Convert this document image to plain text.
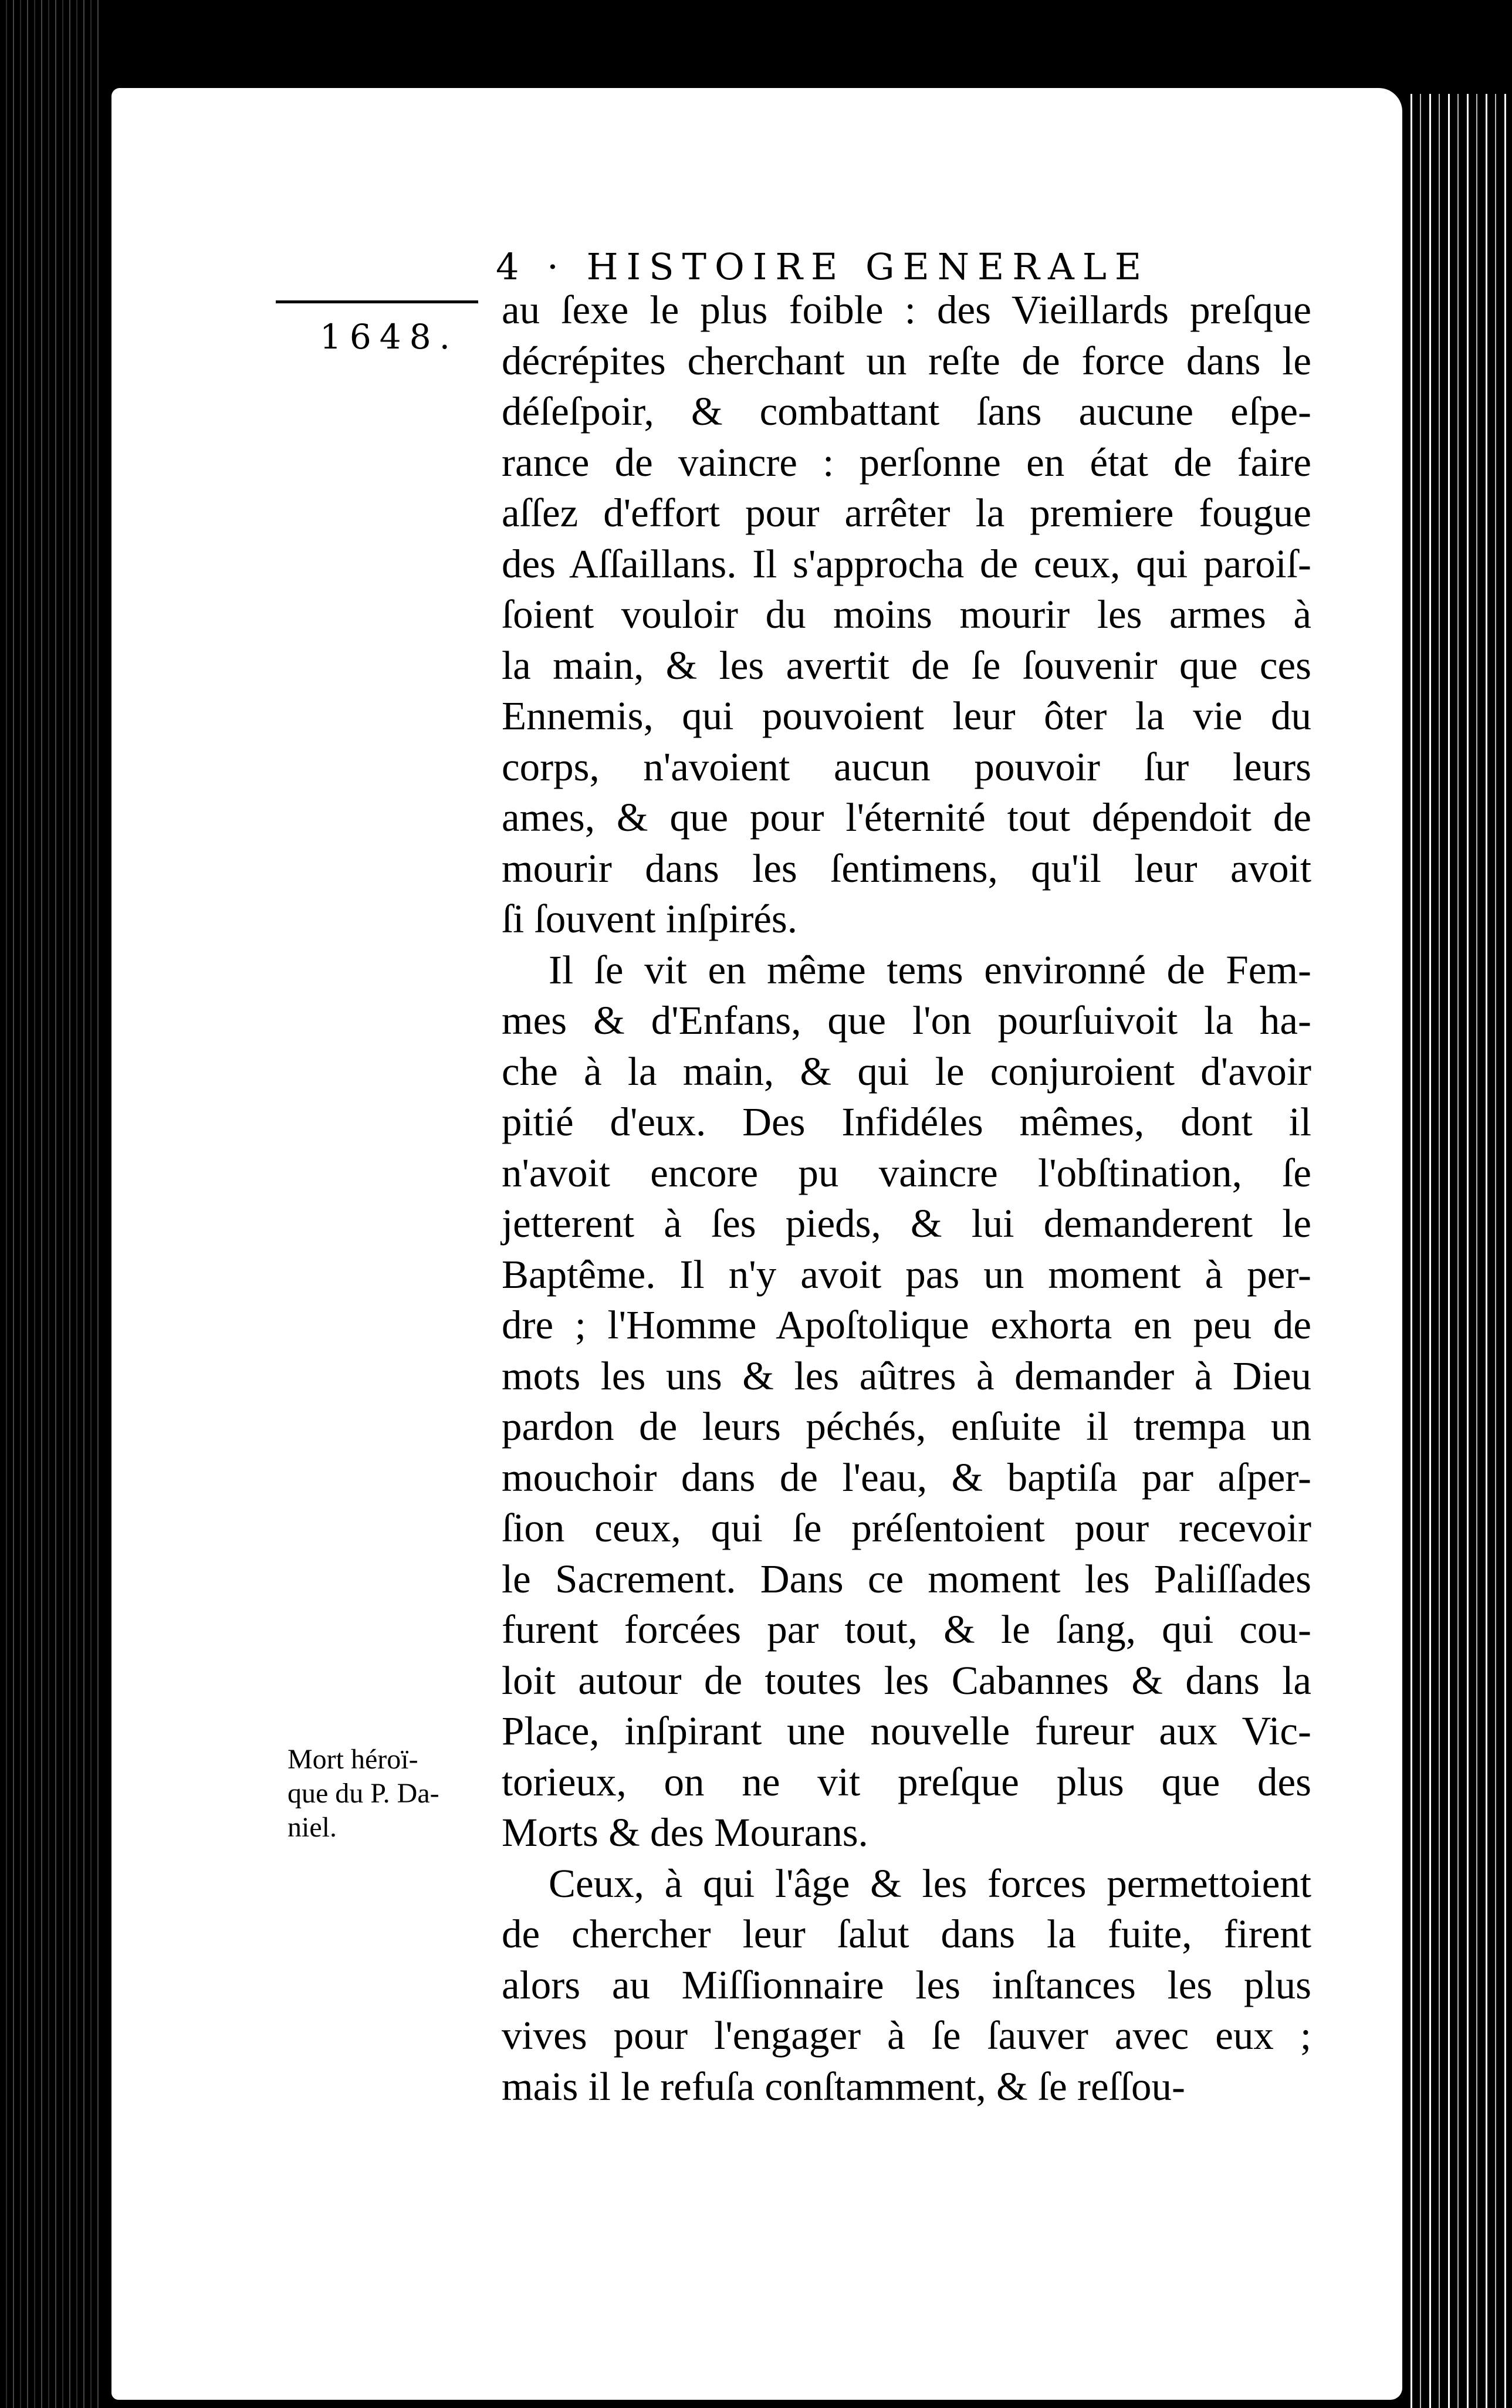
4 · HISTOIRE GENERALE
1648.
au ſexe le plus foible : des Vieillards preſque
décrépites cherchant un reſte de force dans le
déſeſpoir, & combattant ſans aucune eſpe-
rance de vaincre : perſonne en état de faire
aſſez d'effort pour arrêter la premiere fougue
des Aſſaillans. Il s'approcha de ceux, qui paroiſ-
ſoient vouloir du moins mourir les armes à
la main, & les avertit de ſe ſouvenir que ces
Ennemis, qui pouvoient leur ôter la vie du
corps, n'avoient aucun pouvoir ſur leurs
ames, & que pour l'éternité tout dépendoit de
mourir dans les ſentimens, qu'il leur avoit
ſi ſouvent inſpirés.
Il ſe vit en même tems environné de Fem-
mes & d'Enfans, que l'on pourſuivoit la ha-
che à la main, & qui le conjuroient d'avoir
pitié d'eux. Des Infidéles mêmes, dont il
n'avoit encore pu vaincre l'obſtination, ſe
jetterent à ſes pieds, & lui demanderent le
Baptême. Il n'y avoit pas un moment à per-
dre ; l'Homme Apoſtolique exhorta en peu de
mots les uns & les aûtres à demander à Dieu
pardon de leurs péchés, enſuite il trempa un
mouchoir dans de l'eau, & baptiſa par aſper-
ſion ceux, qui ſe préſentoient pour recevoir
le Sacrement. Dans ce moment les Paliſſades
furent forcées par tout, & le ſang, qui cou-
loit autour de toutes les Cabannes & dans la
Place, inſpirant une nouvelle fureur aux Vic-
torieux, on ne vit preſque plus que des
Morts & des Mourans.
Ceux, à qui l'âge & les forces permettoient
de chercher leur ſalut dans la fuite, firent
alors au Miſſionnaire les inſtances les plus
vives pour l'engager à ſe ſauver avec eux ;
mais il le refuſa conſtamment, & ſe reſſou-
Mort héroï-
que du P. Da-
niel.
